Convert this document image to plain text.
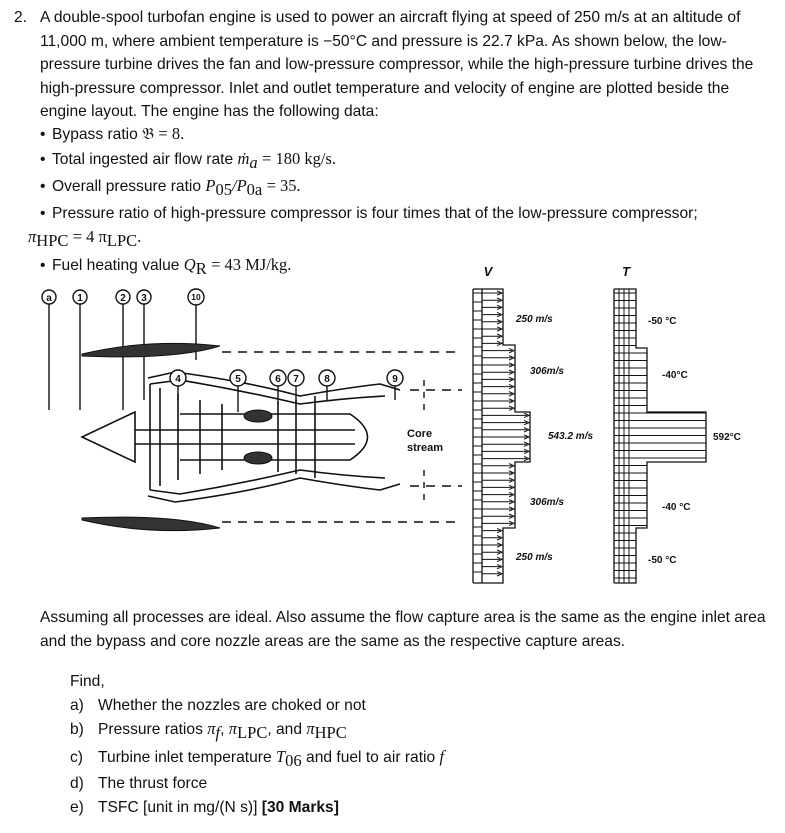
2. A double-spool turbofan engine is used to power an aircraft flying at speed of 250 m/s at an altitude of 11,000 m, where ambient temperature is −50°C and pressure is 22.7 kPa. As shown below, the low-pressure turbine drives the fan and low-pressure compressor, while the high-pressure turbine drives the high-pressure compressor. Inlet and outlet temperature and velocity of engine are plotted beside the engine layout. The engine has the following data:
• Bypass ratio 𝔅 = 8.
• Total ingested air flow rate ṁ$_a$ = 180 kg/s.
• Overall pressure ratio $P_{05}/P_{0a} = 35$.
• Pressure ratio of high-pressure compressor is four times that of the low-pressure compressor;
$\pi_{HPC} = 4$ $\pi_{LPC}$.
• Fuel heating value $Q_R = 43$ MJ/kg.
a	1	2 3	10
4	5	6 7	8	9
Core
stream
V
250 m/s
306m/s
543.2 m/s
306m/s
250 m/s
T
-50 °C
-40°C
592°C
-40 °C
-50 °C
Assuming all processes are ideal. Also assume the flow capture area is the same as the engine inlet area and the bypass and core nozzle areas are the same as the respective capture areas.
Find,
a) Whether the nozzles are choked or not
b) Pressure ratios $\pi_f$, $\pi_{LPC}$, and $\pi_{HPC}$
c) Turbine inlet temperature $T_{06}$ and fuel to air ratio f
d) The thrust force
e) TSFC [unit in mg/(N s)] [30 Marks]
